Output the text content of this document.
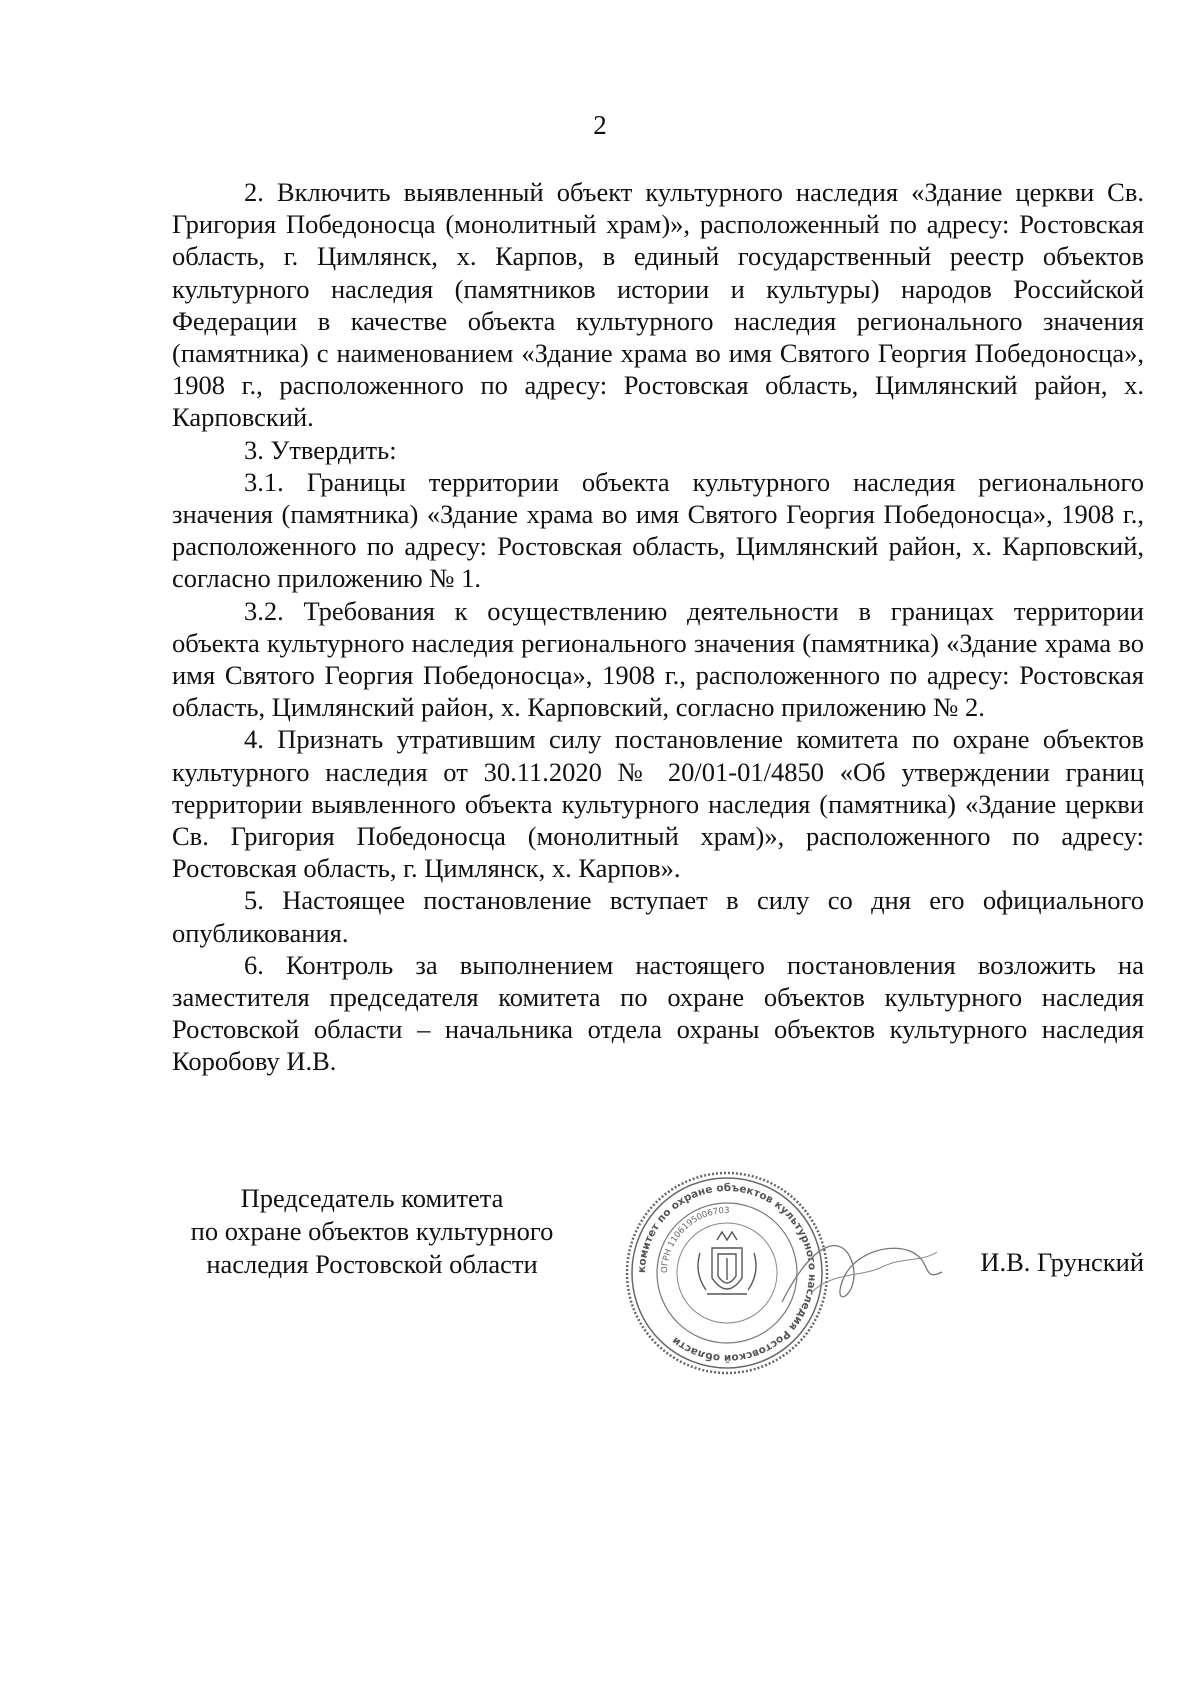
2

2. Включить выявленный объект культурного наследия «Здание церкви Св. Григория Победоносца (монолитный храм)», расположенный по адресу: Ростовская область, г. Цимлянск, х. Карпов, в единый государственный реестр объектов культурного наследия (памятников истории и культуры) народов Российской Федерации в качестве объекта культурного наследия регионального значения (памятника) с наименованием «Здание храма во имя Святого Георгия Победоносца», 1908 г., расположенного по адресу: Ростовская область, Цимлянский район, х. Карповский.

3. Утвердить:

3.1. Границы территории объекта культурного наследия регионального значения (памятника) «Здание храма во имя Святого Георгия Победоносца», 1908 г., расположенного по адресу: Ростовская область, Цимлянский район, х. Карповский, согласно приложению № 1.

3.2. Требования к осуществлению деятельности в границах территории объекта культурного наследия регионального значения (памятника) «Здание храма во имя Святого Георгия Победоносца», 1908 г., расположенного по адресу: Ростовская область, Цимлянский район, х. Карповский, согласно приложению № 2.

4. Признать утратившим силу постановление комитета по охране объектов культурного наследия от 30.11.2020 № 20/01-01/4850 «Об утверждении границ территории выявленного объекта культурного наследия (памятника) «Здание церкви Св. Григория Победоносца (монолитный храм)», расположенного по адресу: Ростовская область, г. Цимлянск, х. Карпов».

5. Настоящее постановление вступает в силу со дня его официального опубликования.

6. Контроль за выполнением настоящего постановления возложить на заместителя председателя комитета по охране объектов культурного наследия Ростовской области – начальника отдела охраны объектов культурного наследия Коробову И.В.

Председатель комитета
по охране объектов культурного
наследия Ростовской области	комитет по охране объектов культурного наследия Ростовской области
ОГРН 1106195006703
И.В. Грунский
